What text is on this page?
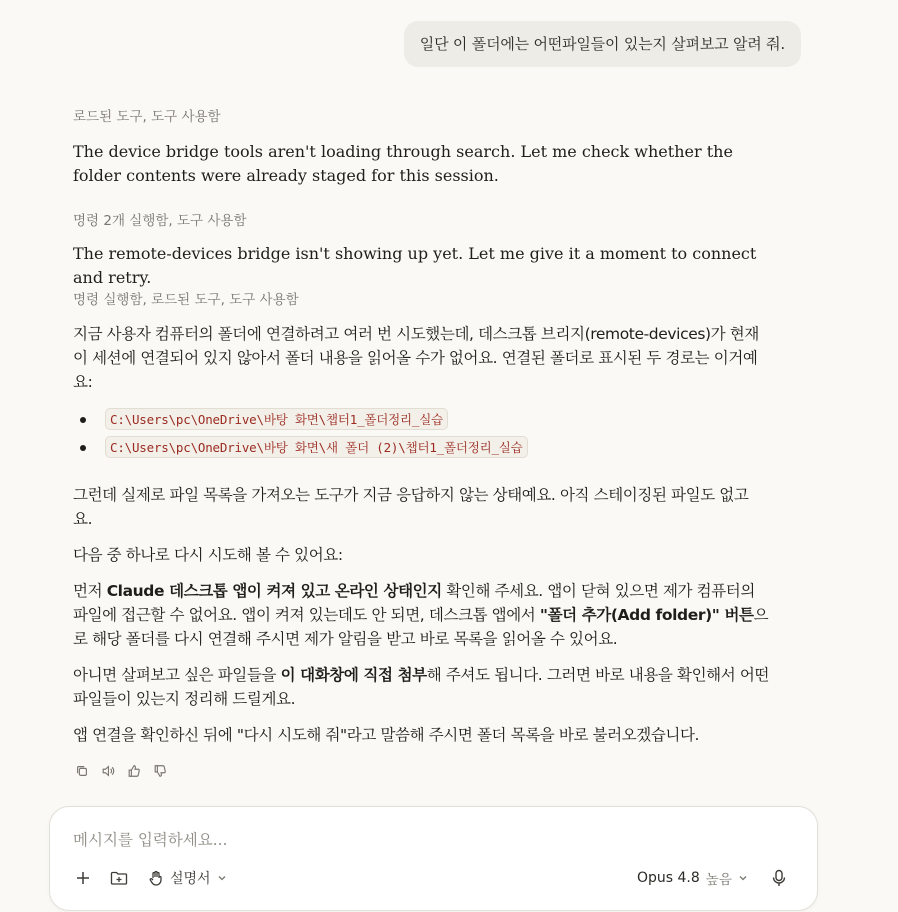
일단 이 폴더에는 어떤파일들이 있는지 살펴보고 알려 줘.
로드된 도구, 도구 사용함

The device bridge tools aren't loading through search. Let me check whether the folder contents were already staged for this session.

명령 2개 실행함, 도구 사용함

The remote-devices bridge isn't showing up yet. Let me give it a moment to connect and retry.

명령 실행함, 로드된 도구, 도구 사용함

지금 사용자 컴퓨터의 폴더에 연결하려고 여러 번 시도했는데, 데스크톱 브리지(remote-devices)가 현재 이 세션에 연결되어 있지 않아서 폴더 내용을 읽어올 수가 없어요. 연결된 폴더로 표시된 두 경로는 이거예요:

C:\Users\pc\OneDrive\바탕 화면\챕터1_폴더정리_실습
C:\Users\pc\OneDrive\바탕 화면\새 폴더 (2)\챕터1_폴더정리_실습

그런데 실제로 파일 목록을 가져오는 도구가 지금 응답하지 않는 상태예요. 아직 스테이징된 파일도 없고요.

다음 중 하나로 다시 시도해 볼 수 있어요:

먼저 Claude 데스크톱 앱이 켜져 있고 온라인 상태인지 확인해 주세요. 앱이 닫혀 있으면 제가 컴퓨터의 파일에 접근할 수 없어요. 앱이 켜져 있는데도 안 되면, 데스크톱 앱에서 "폴더 추가(Add folder)" 버튼으로 해당 폴더를 다시 연결해 주시면 제가 알림을 받고 바로 목록을 읽어올 수 있어요.

아니면 살펴보고 싶은 파일들을 이 대화창에 직접 첨부해 주셔도 됩니다. 그러면 바로 내용을 확인해서 어떤 파일들이 있는지 정리해 드릴게요.

앱 연결을 확인하신 뒤에 "다시 시도해 줘"라고 말씀해 주시면 폴더 목록을 바로 불러오겠습니다.

메시지를 입력하세요...
설명서	Opus 4.8 높음
